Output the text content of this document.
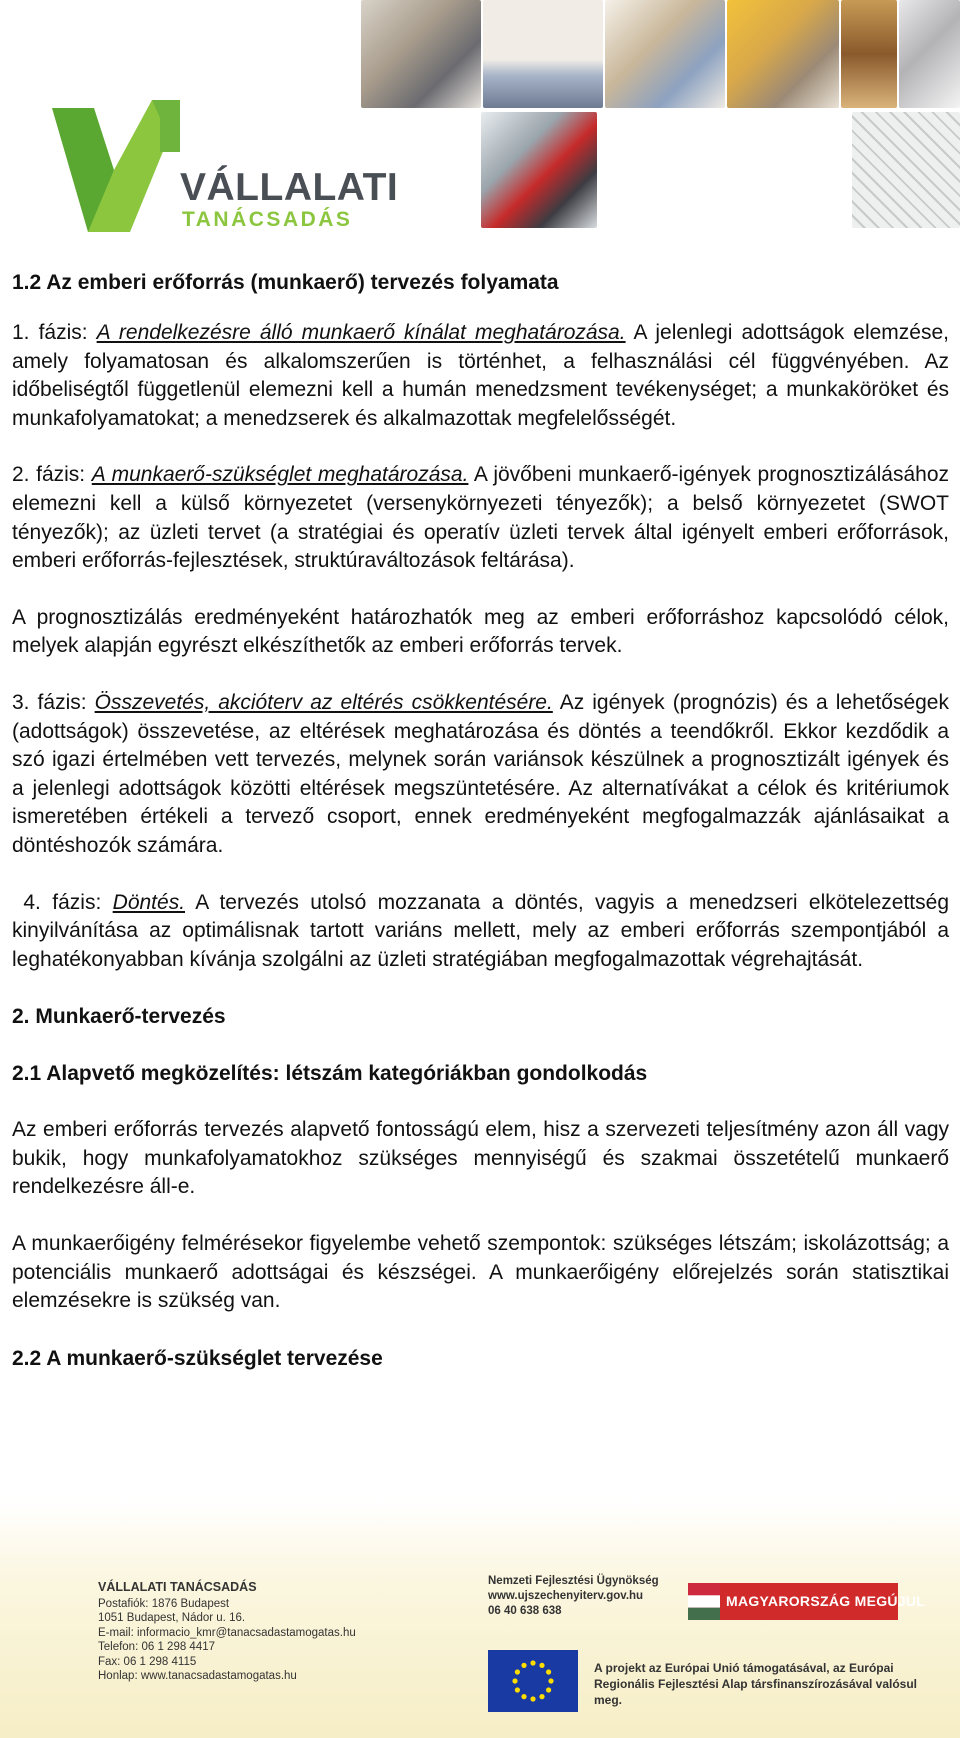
VÁLLALATI
TANÁCSADÁS
1.2 Az emberi erőforrás (munkaerő) tervezés folyamata

1. fázis: A rendelkezésre álló munkaerő kínálat meghatározása. A jelenlegi adottságok elemzése, amely folyamatosan és alkalomszerűen is történhet, a felhasználási cél függvényében. Az időbeliségtől függetlenül elemezni kell a humán menedzsment tevékenységet; a munkaköröket és munkafolyamatokat; a menedzserek és alkalmazottak megfelelősségét.

2. fázis: A munkaerő-szükséglet meghatározása. A jövőbeni munkaerő-igények prognosztizálásához elemezni kell a külső környezetet (versenykörnyezeti tényezők); a belső környezetet (SWOT tényezők); az üzleti tervet (a stratégiai és operatív üzleti tervek által igényelt emberi erőforrások, emberi erőforrás-fejlesztések, struktúraváltozások feltárása).

A prognosztizálás eredményeként határozhatók meg az emberi erőforráshoz kapcsolódó célok, melyek alapján egyrészt elkészíthetők az emberi erőforrás tervek.

3. fázis: Összevetés, akcióterv az eltérés csökkentésére. Az igények (prognózis) és a lehetőségek (adottságok) összevetése, az eltérések meghatározása és döntés a teendőkről. Ekkor kezdődik a szó igazi értelmében vett tervezés, melynek során variánsok készülnek a prognosztizált igények és a jelenlegi adottságok közötti eltérések megszüntetésére. Az alternatívákat a célok és kritériumok ismeretében értékeli a tervező csoport, ennek eredményeként megfogalmazzák ajánlásaikat a döntéshozók számára.

4. fázis: Döntés. A tervezés utolsó mozzanata a döntés, vagyis a menedzseri elkötelezettség kinyilvánítása az optimálisnak tartott variáns mellett, mely az emberi erőforrás szempontjából a leghatékonyabban kívánja szolgálni az üzleti stratégiában megfogalmazottak végrehajtását.

2. Munkaerő-tervezés
2.1 Alapvető megközelítés: létszám kategóriákban gondolkodás

Az emberi erőforrás tervezés alapvető fontosságú elem, hisz a szervezeti teljesítmény azon áll vagy bukik, hogy munkafolyamatokhoz szükséges mennyiségű és szakmai összetételű munkaerő rendelkezésre áll-e.

A munkaerőigény felmérésekor figyelembe vehető szempontok: szükséges létszám; iskolázottság; a potenciális munkaerő adottságai és készségei. A munkaerőigény előrejelzés során statisztikai elemzésekre is szükség van.

2.2 A munkaerő-szükséglet tervezése
VÁLLALATI TANÁCSADÁS
Postafiók: 1876 Budapest
1051 Budapest, Nádor u. 16.
E-mail: informacio_kmr@tanacsadastamogatas.hu
Telefon: 06 1 298 4417
Fax: 06 1 298 4115
Honlap: www.tanacsadastamogatas.hu
Nemzeti Fejlesztési Ügynökség
www.ujszechenyiterv.gov.hu
06 40 638 638
MAGYARORSZÁG MEGÚJUL
A projekt az Európai Unió támogatásával, az Európai Regionális Fejlesztési Alap társfinanszírozásával valósul meg.
